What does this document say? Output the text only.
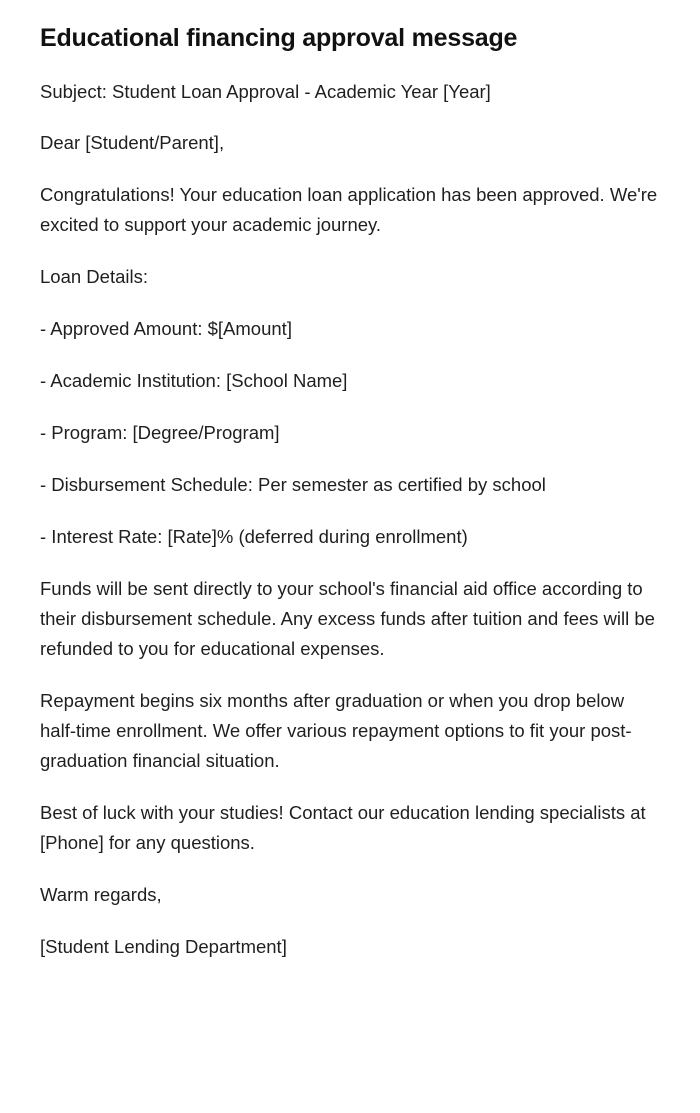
Educational financing approval message

Subject: Student Loan Approval - Academic Year [Year]

Dear [Student/Parent],

Congratulations! Your education loan application has been approved. We're excited to support your academic journey.

Loan Details:

- Approved Amount: $[Amount]

- Academic Institution: [School Name]

- Program: [Degree/Program]

- Disbursement Schedule: Per semester as certified by school

- Interest Rate: [Rate]% (deferred during enrollment)

Funds will be sent directly to your school's financial aid office according to their disbursement schedule. Any excess funds after tuition and fees will be refunded to you for educational expenses.

Repayment begins six months after graduation or when you drop below half-time enrollment. We offer various repayment options to fit your post-graduation financial situation.

Best of luck with your studies! Contact our education lending specialists at [Phone] for any questions.

Warm regards,

[Student Lending Department]
